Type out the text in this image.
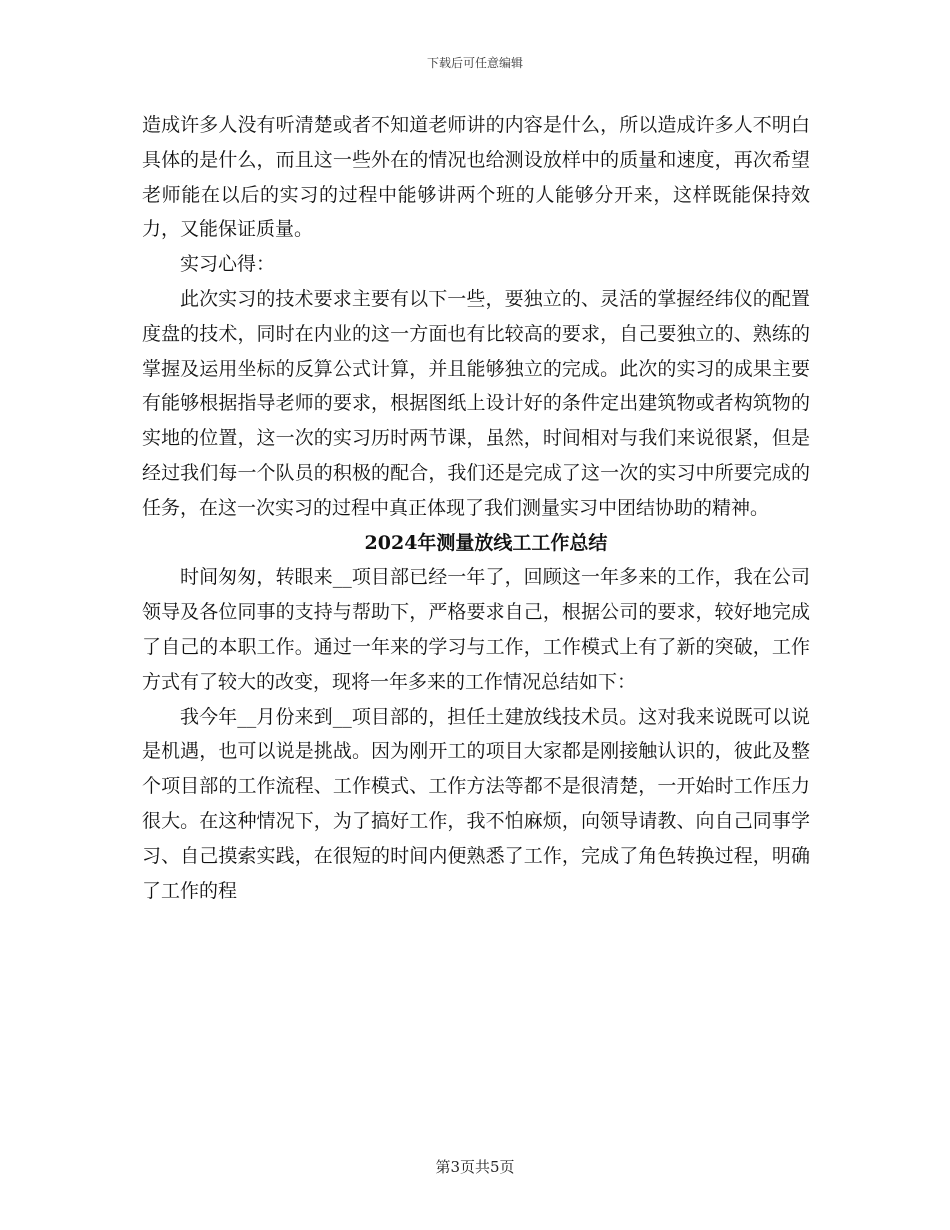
下载后可任意编辑

造成许多人没有听清楚或者不知道老师讲的内容是什么，所以造成许多人不明白具体的是什么，而且这一些外在的情况也给测设放样中的质量和速度，再次希望老师能在以后的实习的过程中能够讲两个班的人能够分开来，这样既能保持效力，又能保证质量。

实习心得：

此次实习的技术要求主要有以下一些，要独立的、灵活的掌握经纬仪的配置度盘的技术，同时在内业的这一方面也有比较高的要求，自己要独立的、熟练的掌握及运用坐标的反算公式计算，并且能够独立的完成。此次的实习的成果主要有能够根据指导老师的要求，根据图纸上设计好的条件定出建筑物或者构筑物的实地的位置，这一次的实习历时两节课，虽然，时间相对与我们来说很紧，但是经过我们每一个队员的积极的配合，我们还是完成了这一次的实习中所要完成的任务，在这一次实习的过程中真正体现了我们测量实习中团结协助的精神。

2024年测量放线工工作总结

时间匆匆，转眼来__项目部已经一年了，回顾这一年多来的工作，我在公司领导及各位同事的支持与帮助下，严格要求自己，根据公司的要求，较好地完成了自己的本职工作。通过一年来的学习与工作，工作模式上有了新的突破，工作方式有了较大的改变，现将一年多来的工作情况总结如下：

我今年__月份来到__项目部的，担任土建放线技术员。这对我来说既可以说是机遇，也可以说是挑战。因为刚开工的项目大家都是刚接触认识的，彼此及整个项目部的工作流程、工作模式、工作方法等都不是很清楚，一开始时工作压力很大。在这种情况下，为了搞好工作，我不怕麻烦，向领导请教、向自己同事学习、自己摸索实践，在很短的时间内便熟悉了工作，完成了角色转换过程，明确了工作的程

第3页共5页
